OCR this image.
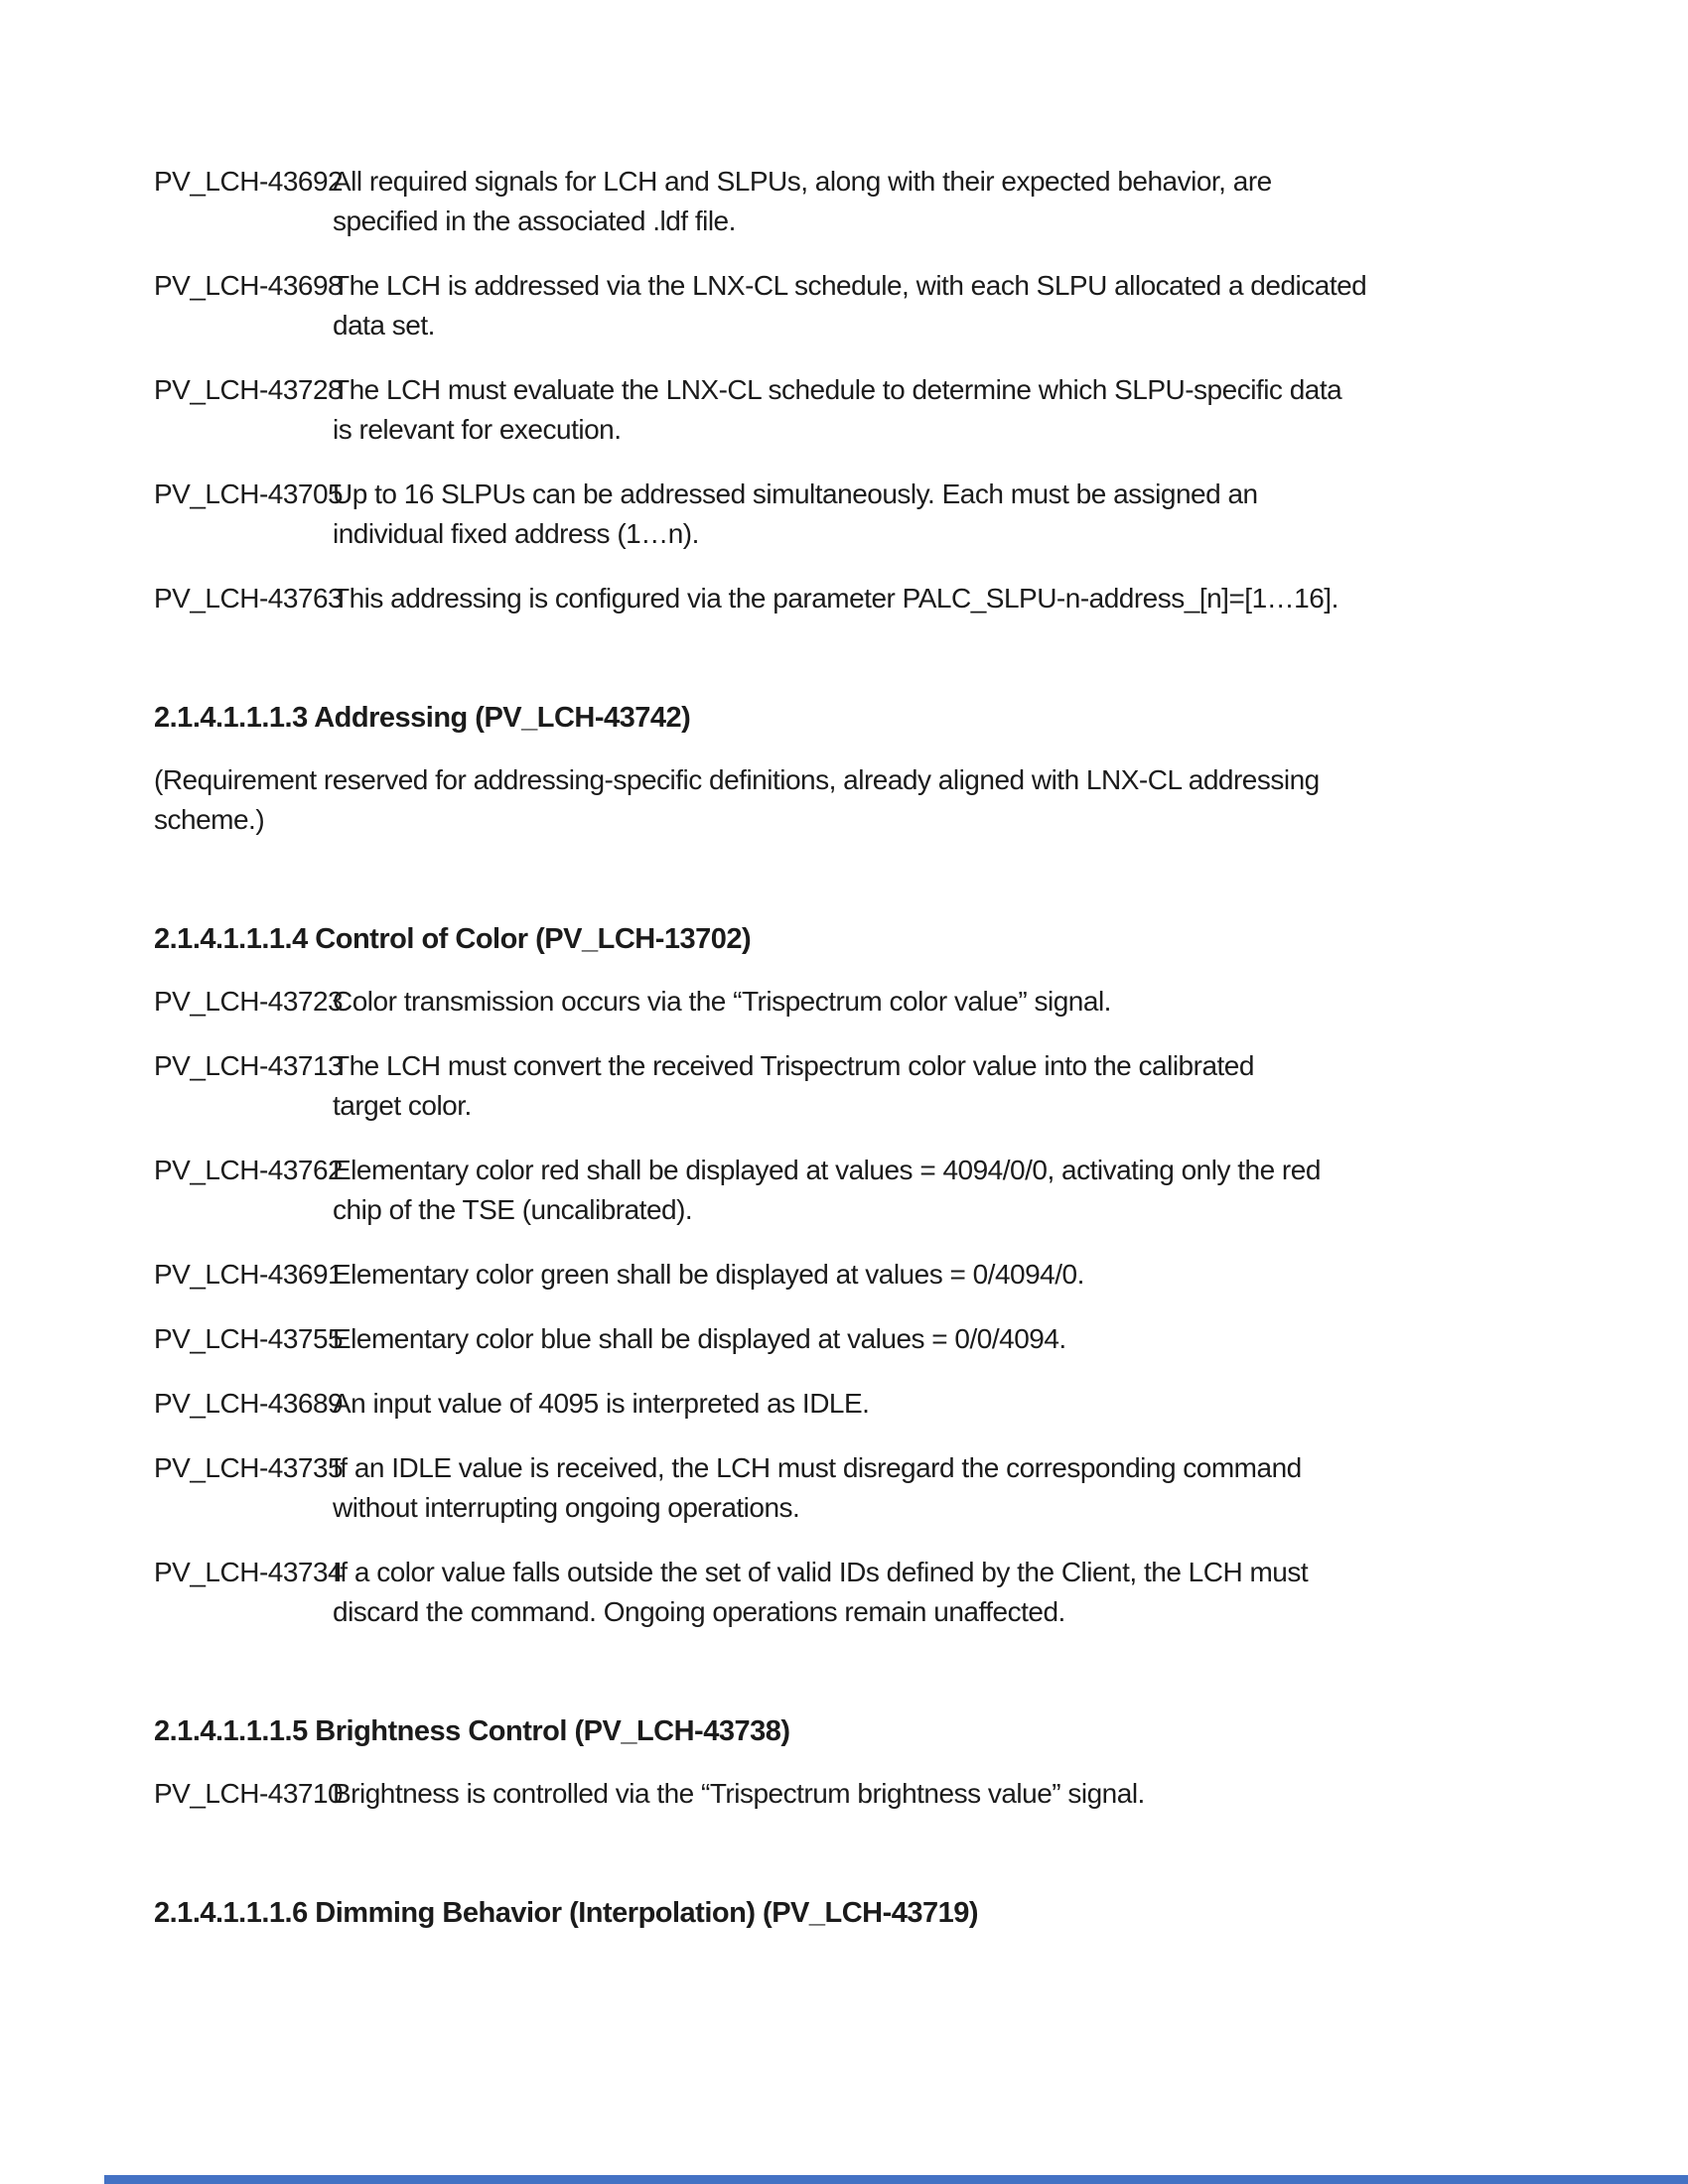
PV_LCH-43692
All required signals for LCH and SLPUs, along with their expected behavior, are
specified in the associated .ldf file.
PV_LCH-43698
The LCH is addressed via the LNX-CL schedule, with each SLPU allocated a dedicated
data set.
PV_LCH-43728
The LCH must evaluate the LNX-CL schedule to determine which SLPU-specific data
is relevant for execution.
PV_LCH-43705
Up to 16 SLPUs can be addressed simultaneously. Each must be assigned an
individual fixed address (1…n).
PV_LCH-43763
This addressing is configured via the parameter PALC_SLPU-n-address_[n]=[1…16].
2.1.4.1.1.1.3 Addressing (PV_LCH-43742)
(Requirement reserved for addressing-specific definitions, already aligned with LNX-CL addressing
scheme.)
2.1.4.1.1.1.4 Control of Color (PV_LCH-13702)
PV_LCH-43723
Color transmission occurs via the “Trispectrum color value” signal.
PV_LCH-43713
The LCH must convert the received Trispectrum color value into the calibrated
target color.
PV_LCH-43762
Elementary color red shall be displayed at values = 4094/0/0, activating only the red
chip of the TSE (uncalibrated).
PV_LCH-43691
Elementary color green shall be displayed at values = 0/4094/0.
PV_LCH-43755
Elementary color blue shall be displayed at values = 0/0/4094.
PV_LCH-43689
An input value of 4095 is interpreted as IDLE.
PV_LCH-43735
If an IDLE value is received, the LCH must disregard the corresponding command
without interrupting ongoing operations.
PV_LCH-43734
If a color value falls outside the set of valid IDs defined by the Client, the LCH must
discard the command. Ongoing operations remain unaffected.
2.1.4.1.1.1.5 Brightness Control (PV_LCH-43738)
PV_LCH-43710
Brightness is controlled via the “Trispectrum brightness value” signal.
2.1.4.1.1.1.6 Dimming Behavior (Interpolation) (PV_LCH-43719)
